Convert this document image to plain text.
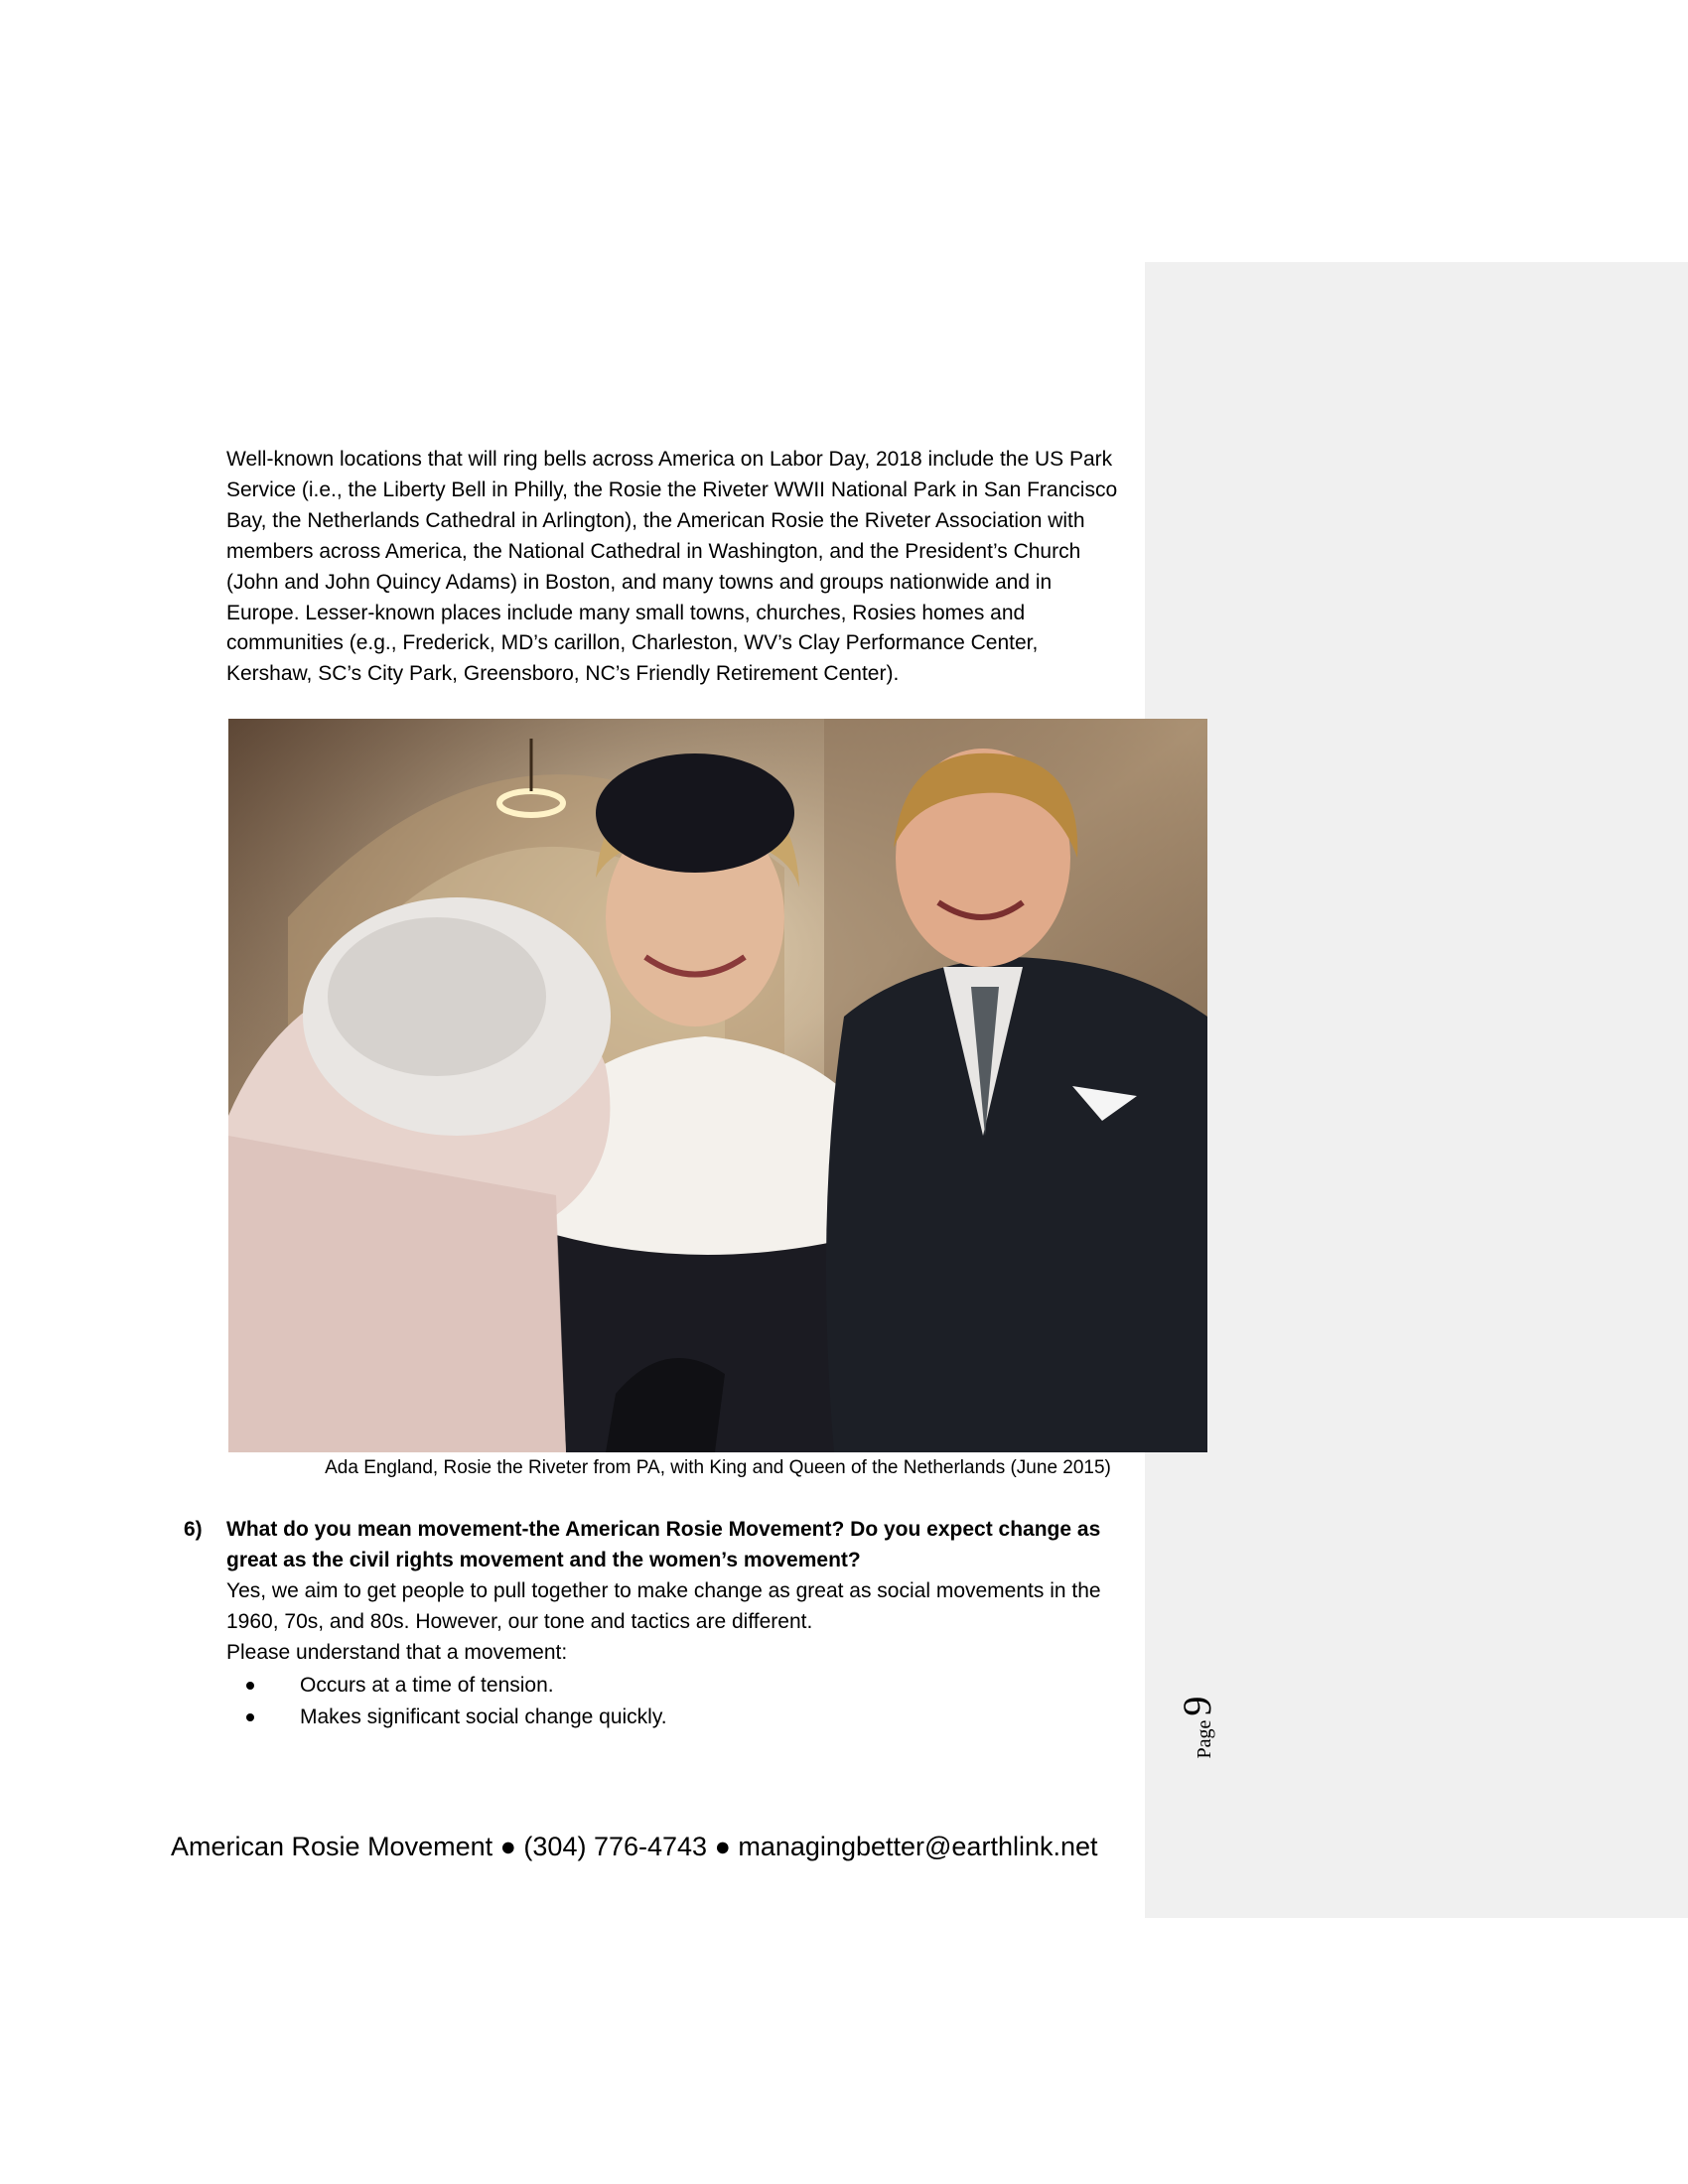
Page
9

Well-known locations that will ring bells across America on Labor Day, 2018 include the US Park Service (i.e., the Liberty Bell in Philly, the Rosie the Riveter WWII National Park in San Francisco Bay, the Netherlands Cathedral in Arlington), the American Rosie the Riveter Association with members across America, the National Cathedral in Washington, and the President’s Church (John and John Quincy Adams) in Boston, and many towns and groups nationwide and in Europe. Lesser-known places include many small towns, churches, Rosies homes and communities (e.g., Frederick, MD’s carillon, Charleston, WV’s Clay Performance Center, Kershaw, SC’s City Park, Greensboro, NC’s Friendly Retirement Center).

Ada England, Rosie the Riveter from PA, with King and Queen of the Netherlands (June 2015)

6) What do you mean movement-the American Rosie Movement? Do you expect change as great as the civil rights movement and the women’s movement?

Yes, we aim to get people to pull together to make change as great as social movements in the 1960, 70s, and 80s. However, our tone and tactics are different.

Please understand that a movement:

Occurs at a time of tension.
Makes significant social change quickly.
American Rosie Movement ● (304) 776-4743 ● managingbetter@earthlink.net
